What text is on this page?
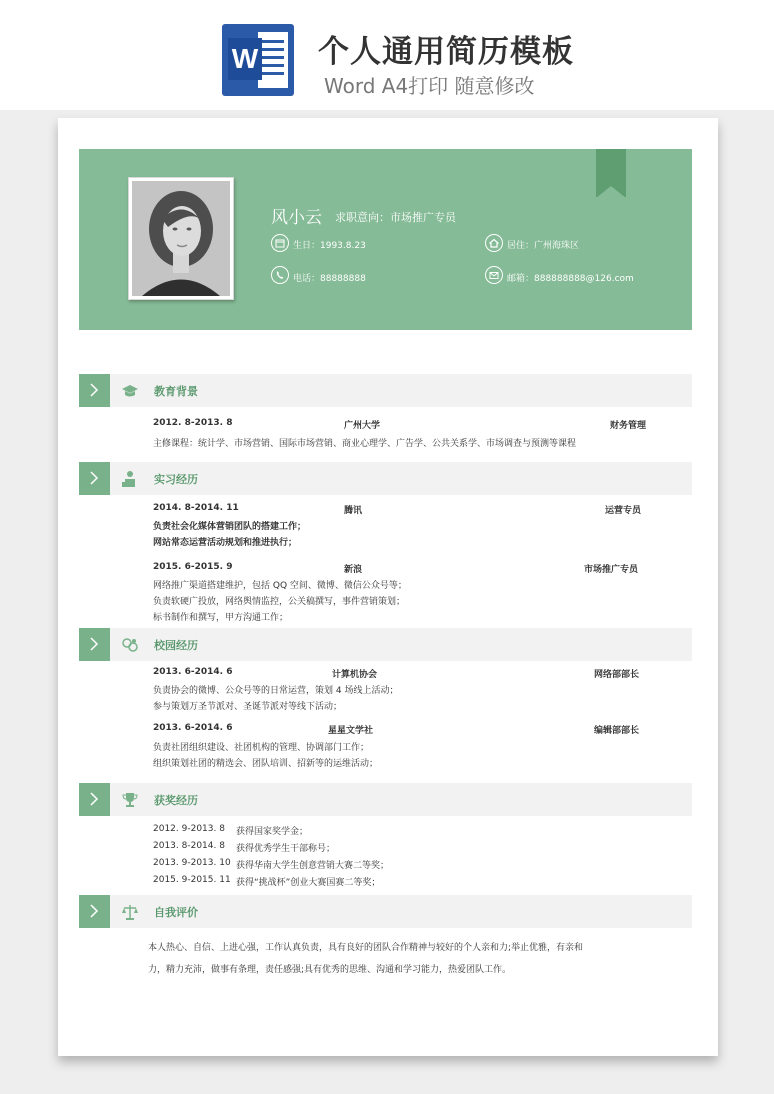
W 个人通用简历模板
Word A4打印 随意修改
风小云 求职意向：市场推广专员
生日：1993.8.23	居住：广州海珠区
电话：88888888	邮箱：888888888@126.com
教育背景
2012. 8-2013. 8	广州大学	财务管理
主修课程：统计学、市场营销、国际市场营销、商业心理学、广告学、公共关系学、市场调查与预测等课程
实习经历
2014. 8-2014. 11	腾讯	运营专员
负责社会化媒体营销团队的搭建工作；
网站常态运营活动规划和推进执行；
2015. 6-2015. 9	新浪	市场推广专员
网络推广渠道搭建维护，包括 QQ 空间、微博、微信公众号等；
负责软硬广投放，网络舆情监控，公关稿撰写，事件营销策划；
标书制作和撰写，甲方沟通工作；
校园经历
2013. 6-2014. 6	计算机协会	网络部部长
负责协会的微博、公众号等的日常运营，策划 4 场线上活动；
参与策划万圣节派对、圣诞节派对等线下活动；
2013. 6-2014. 6	星星文学社	编辑部部长
负责社团组织建设、社团机构的管理、协调部门工作；
组织策划社团的精选会、团队培训、招新等的运维活动；
获奖经历
2012. 9-2013. 8 获得国家奖学金；
2013. 8-2014. 8 获得优秀学生干部称号；
2013. 9-2013. 10 获得华南大学生创意营销大赛二等奖；
2015. 9-2015. 11 获得“挑战杯”创业大赛国赛二等奖；
自我评价
本人热心、自信、上进心强，工作认真负责，具有良好的团队合作精神与较好的个人亲和力;举止优雅，有亲和
力，精力充沛，做事有条理，责任感强;具有优秀的思维、沟通和学习能力，热爱团队工作。
